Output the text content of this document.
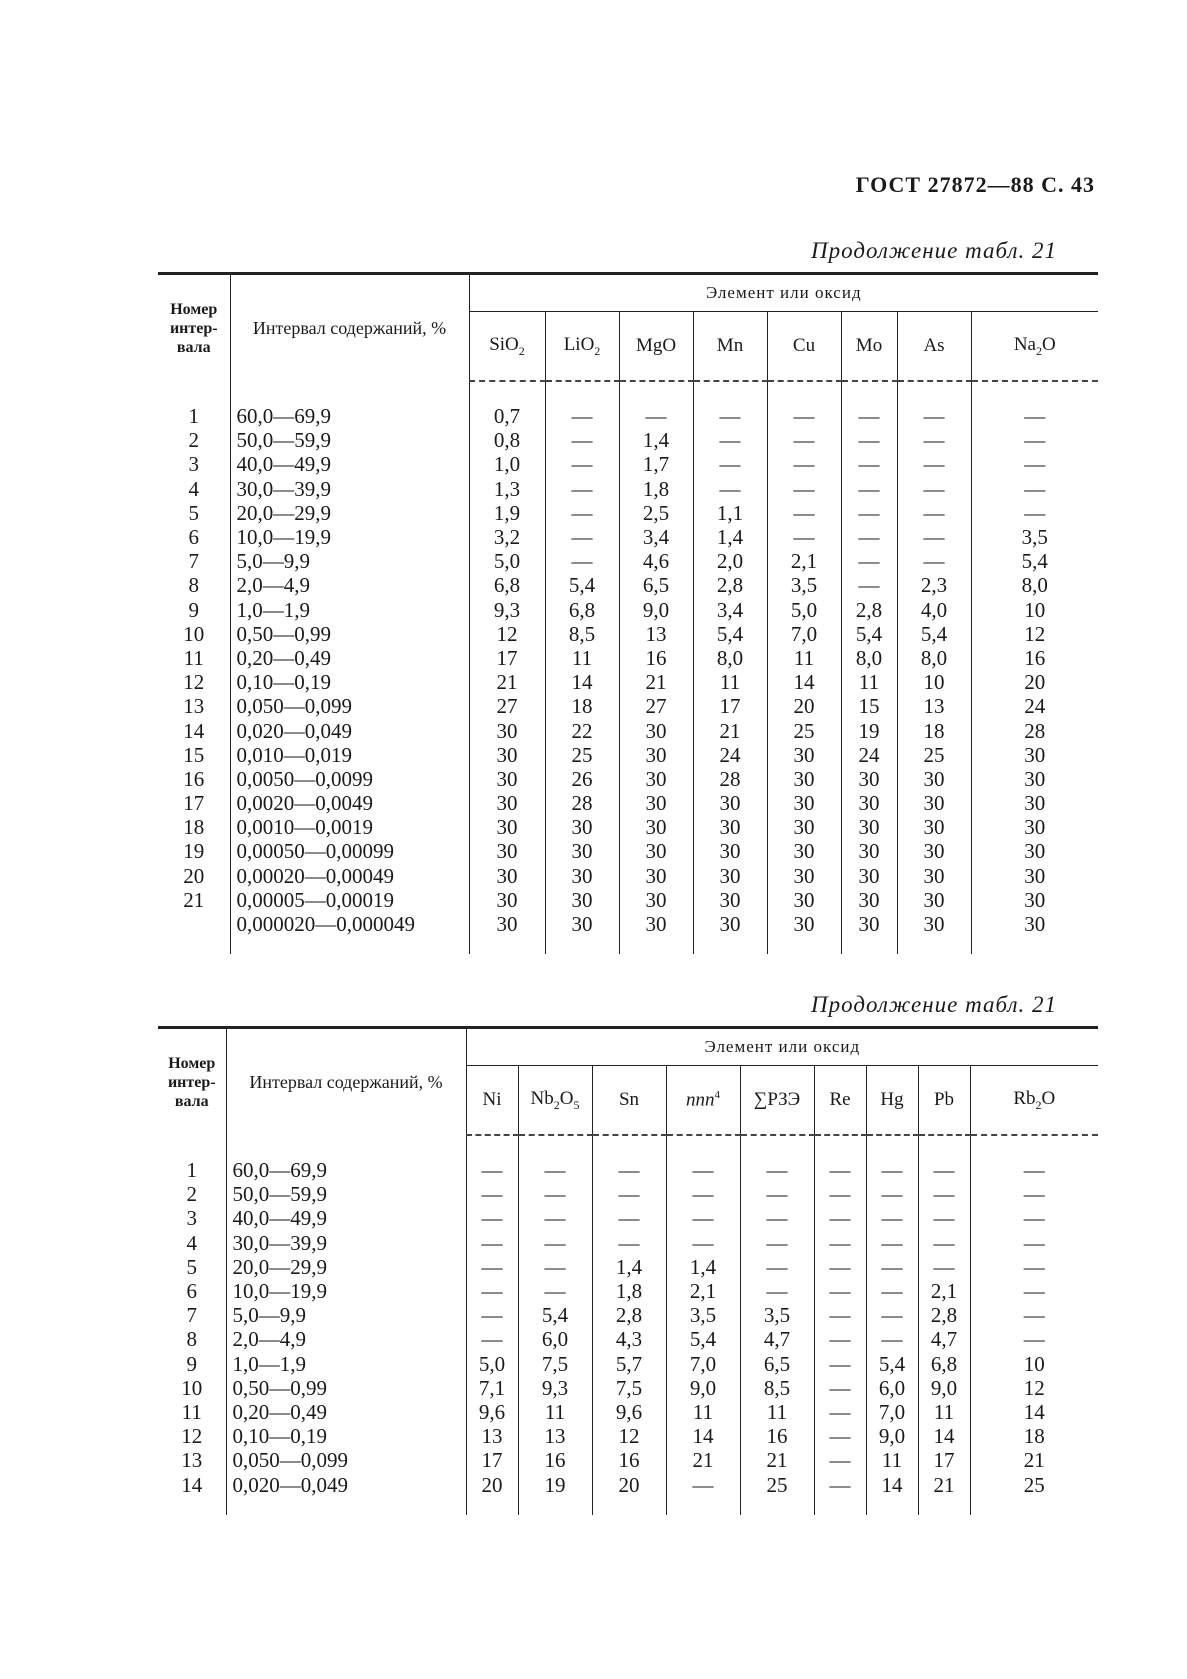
ГОСТ 27872—88 С. 43
Продолжение табл. 21
Номер интер-вала	Интервал содержаний, %	Элемент или оксид							
		SiO$_2$	LiO$_2$	MgO	Mn	Cu	Mo	As	$Na_2O$

1	60,0—69,9	0,7	—	—	—	—	—	—	—
2	50,0—59,9	0,8	—	1,4	—	—	—	—	—
3	40,0—49,9	1,0	—	1,7	—	—	—	—	—
4	30,0—39,9	1,3	—	1,8	—	—	—	—	—
5	20,0—29,9	1,9	—	2,5	1,1	—	—	—	—
6	10,0—19,9	3,2	—	3,4	1,4	—	—	—	3,5
7	5,0—9,9	5,0	—	4,6	2,0	2,1	—	—	5,4
8	2,0—4,9	6,8	5,4	6,5	2,8	3,5	—	2,3	8,0
9	1,0—1,9	9,3	6,8	9,0	3,4	5,0	2,8	4,0	10
10	0,50—0,99	12	8,5	13	5,4	7,0	5,4	5,4	12
11	0,20—0,49	17	11	16	8,0	11	8,0	8,0	16
12	0,10—0,19	21	14	21	11	14	11	10	20
13	0,050—0,099	27	18	27	17	20	15	13	24
14	0,020—0,049	30	22	30	21	25	19	18	28
15	0,010—0,019	30	25	30	24	30	24	25	30
16	0,0050—0,0099	30	26	30	28	30	30	30	30
17	0,0020—0,0049	30	28	30	30	30	30	30	30
18	0,0010—0,0019	30	30	30	30	30	30	30	30
19	0,00050—0,00099	30	30	30	30	30	30	30	30
20	0,00020—0,00049	30	30	30	30	30	30	30	30
21	0,00005—0,00019	30	30	30	30	30	30	30	30
	0,000020—0,000049	30	30	30	30	30	30	30	30

Продолжение табл. 21
Номер интер-вала	Интервал содержаний, %	Элемент или оксид								
		Ni	$Nb_2O_5$	Sn	ппп$^4$	∑РЗЭ	Re	Hg	Pb	$Rb_2O$

1	60,0—69,9	—	—	—	—	—	—	—	—	—
2	50,0—59,9	—	—	—	—	—	—	—	—	—
3	40,0—49,9	—	—	—	—	—	—	—	—	—
4	30,0—39,9	—	—	—	—	—	—	—	—	—
5	20,0—29,9	—	—	1,4	1,4	—	—	—	—	—
6	10,0—19,9	—	—	1,8	2,1	—	—	—	2,1	—
7	5,0—9,9	—	5,4	2,8	3,5	3,5	—	—	2,8	—
8	2,0—4,9	—	6,0	4,3	5,4	4,7	—	—	4,7	—
9	1,0—1,9	5,0	7,5	5,7	7,0	6,5	—	5,4	6,8	10
10	0,50—0,99	7,1	9,3	7,5	9,0	8,5	—	6,0	9,0	12
11	0,20—0,49	9,6	11	9,6	11	11	—	7,0	11	14
12	0,10—0,19	13	13	12	14	16	—	9,0	14	18
13	0,050—0,099	17	16	16	21	21	—	11	17	21
14	0,020—0,049	20	19	20	—	25	—	14	21	25
